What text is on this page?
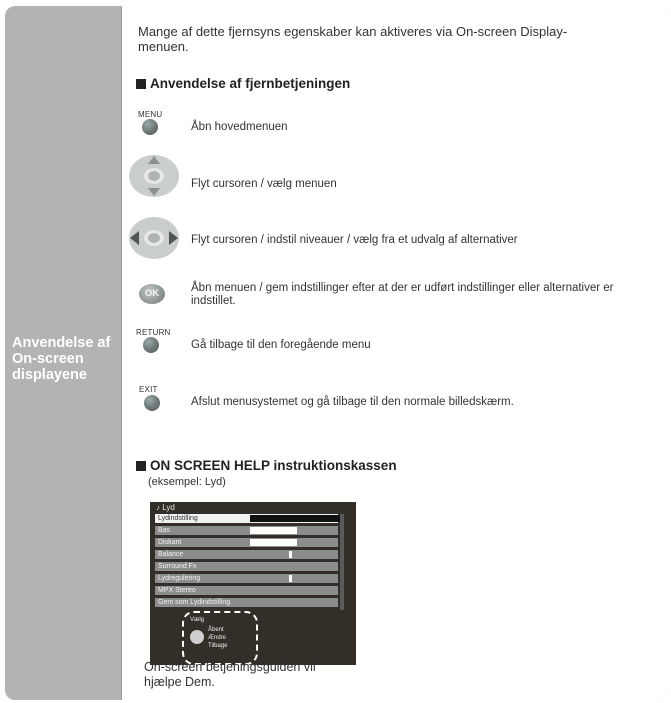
Anvendelse af On-screen displayene
Mange af dette fjernsyns egenskaber kan aktiveres via On-screen Display-menuen.
Anvendelse af fjernbetjeningen
MENU
Åbn hovedmenuen
Flyt cursoren / vælg menuen
Flyt cursoren / indstil niveauer / vælg fra et udvalg af alternativer
OK	Åbn menuen / gem indstillinger efter at der er udført indstillinger eller alternativer er indstillet.
RETURN
Gå tilbage til den foregående menu
EXIT
Afslut menusystemet og gå tilbage til den normale billedskærm.
ON SCREEN HELP instruktionskassen
(eksempel: Lyd)
♪ Lyd
Lydindstilling
Bas
Diskant
Balance
Surround Fx
Lydregulering
MPX Stereo
Gem som Lydindstilling
Vælg
Åbent
Ændre
Tilbage
On-screen betjeningsguiden vil hjælpe Dem.
